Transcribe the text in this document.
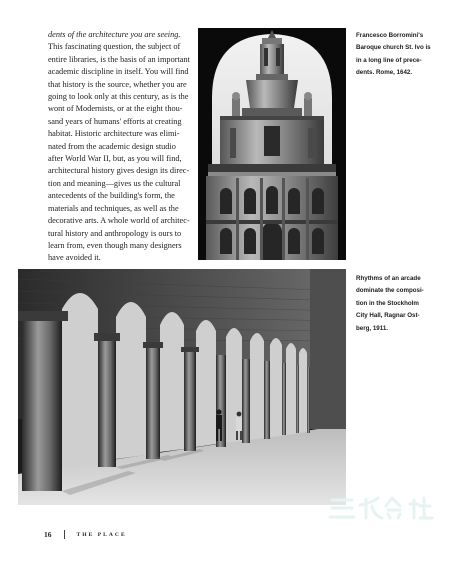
dents of the architecture you are seeing.
This fascinating question, the subject of
entire libraries, is the basis of an important
academic discipline in itself. You will find
that history is the source, whether you are
going to look only at this century, as is the
wont of Modernists, or at the eight thou-
sand years of humans' efforts at creating
habitat. Historic architecture was elimi-
nated from the academic design studio
after World War II, but, as you will find,
architectural history gives design its direc-
tion and meaning—gives us the cultural
antecedents of the building's form, the
materials and techniques, as well as the
decorative arts. A whole world of architec-
tural history and anthropology is ours to
learn from, even though many designers
have avoided it.
Francesco Borromini's
Baroque church St. Ivo is
in a long line of prece-
dents. Rome, 1642.
Rhythms of an arcade
dominate the composi-
tion in the Stockholm
City Hall, Ragnar Ost-
berg, 1911.
16	THE PLACE
